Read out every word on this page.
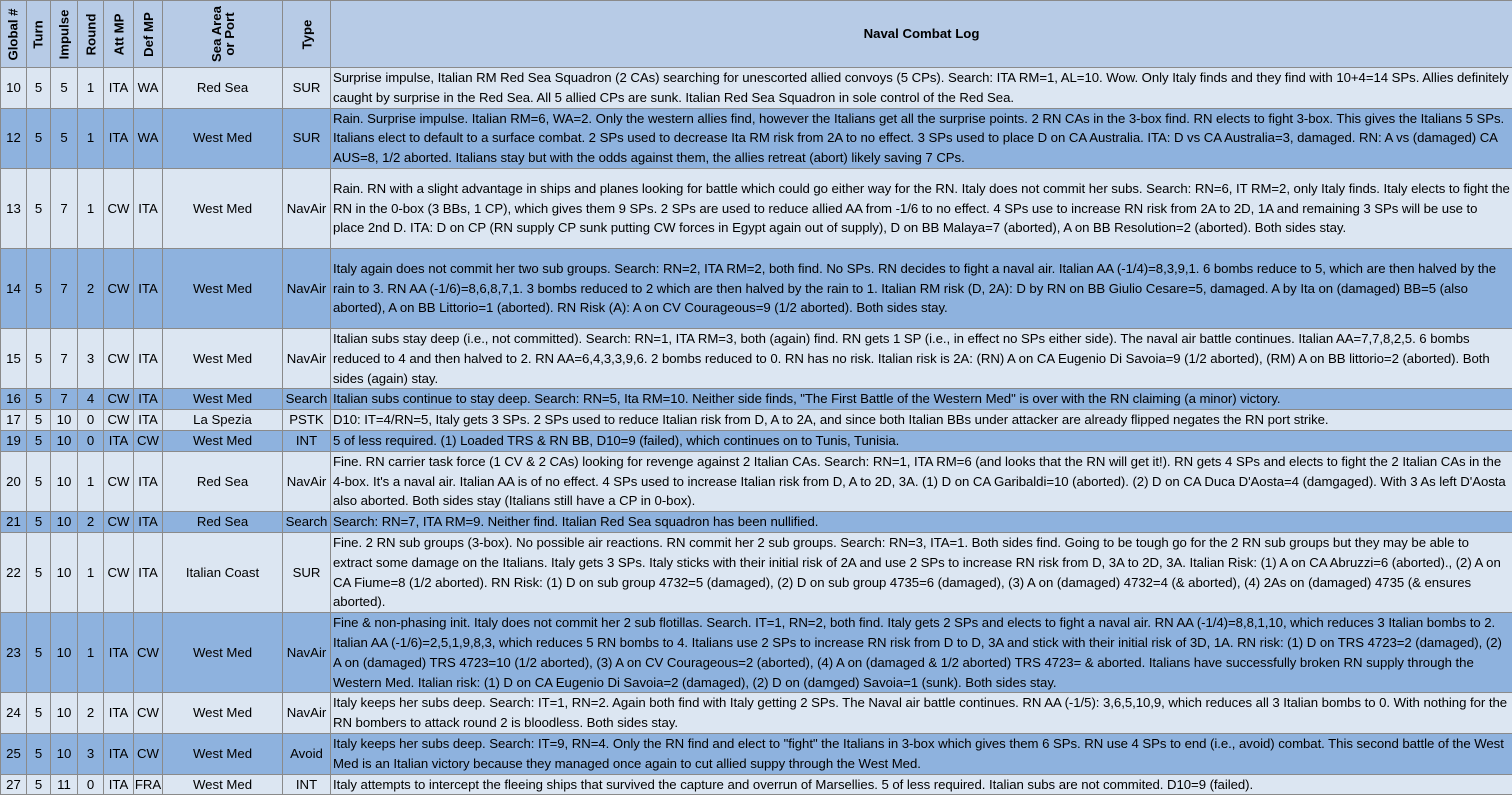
Global #	Turn	Impulse	Round	Att MP	Def MP	Sea Area
or Port	Type	Naval Combat Log
10	5	5	1	ITA	WA	Red Sea	SUR	Surprise impulse, Italian RM Red Sea Squadron (2 CAs) searching for unescorted allied convoys (5 CPs). Search: ITA RM=1, AL=10. Wow. Only Italy finds and they find with 10+4=14 SPs. Allies definitely caught by surprise in the Red Sea. All 5 allied CPs are sunk. Italian Red Sea Squadron in sole control of the Red Sea.
12	5	5	1	ITA	WA	West Med	SUR	Rain. Surprise impulse. Italian RM=6, WA=2. Only the western allies find, however the Italians get all the surprise points. 2 RN CAs in the 3-box find. RN elects to fight 3-box. This gives the Italians 5 SPs. Italians elect to default to a surface combat. 2 SPs used to decrease Ita RM risk from 2A to no effect. 3 SPs used to place D on CA Australia. ITA: D vs CA Australia=3, damaged. RN: A vs (damaged) CA AUS=8, 1/2 aborted. Italians stay but with the odds against them, the allies retreat (abort) likely saving 7 CPs.
13	5	7	1	CW	ITA	West Med	NavAir	Rain. RN with a slight advantage in ships and planes looking for battle which could go either way for the RN. Italy does not commit her subs. Search: RN=6, IT RM=2, only Italy finds. Italy elects to fight the RN in the 0-box (3 BBs, 1 CP), which gives them 9 SPs. 2 SPs are used to reduce allied AA from -1/6 to no effect. 4 SPs use to increase RN risk from 2A to 2D, 1A and remaining 3 SPs will be use to place 2nd D. ITA: D on CP (RN supply CP sunk putting CW forces in Egypt again out of supply), D on BB Malaya=7 (aborted), A on BB Resolution=2 (aborted). Both sides stay.
14	5	7	2	CW	ITA	West Med	NavAir	Italy again does not commit her two sub groups. Search: RN=2, ITA RM=2, both find. No SPs. RN decides to fight a naval air. Italian AA (-1/4)=8,3,9,1. 6 bombs reduce to 5, which are then halved by the rain to 3. RN AA (-1/6)=8,6,8,7,1. 3 bombs reduced to 2 which are then halved by the rain to 1. Italian RM risk (D, 2A): D by RN on BB Giulio Cesare=5, damaged. A by Ita on (damaged) BB=5 (also aborted), A on BB Littorio=1 (aborted). RN Risk (A): A on CV Courageous=9 (1/2 aborted). Both sides stay.
15	5	7	3	CW	ITA	West Med	NavAir	Italian subs stay deep (i.e., not committed). Search: RN=1, ITA RM=3, both (again) find. RN gets 1 SP (i.e., in effect no SPs either side). The naval air battle continues. Italian AA=7,7,8,2,5. 6 bombs reduced to 4 and then halved to 2. RN AA=6,4,3,3,9,6. 2 bombs reduced to 0. RN has no risk. Italian risk is 2A: (RN) A on CA Eugenio Di Savoia=9 (1/2 aborted), (RM) A on BB littorio=2 (aborted). Both sides (again) stay.
16	5	7	4	CW	ITA	West Med	Search	Italian subs continue to stay deep. Search: RN=5, Ita RM=10. Neither side finds, "The First Battle of the Western Med" is over with the RN claiming (a minor) victory.
17	5	10	0	CW	ITA	La Spezia	PSTK	D10: IT=4/RN=5, Italy gets 3 SPs. 2 SPs used to reduce Italian risk from D, A to 2A, and since both Italian BBs under attacker are already flipped negates the RN port strike.
19	5	10	0	ITA	CW	West Med	INT	5 of less required. (1) Loaded TRS & RN BB, D10=9 (failed), which continues on to Tunis, Tunisia.
20	5	10	1	CW	ITA	Red Sea	NavAir	Fine. RN carrier task force (1 CV & 2 CAs) looking for revenge against 2 Italian CAs. Search: RN=1, ITA RM=6 (and looks that the RN will get it!). RN gets 4 SPs and elects to fight the 2 Italian CAs in the 4-box. It's a naval air. Italian AA is of no effect. 4 SPs used to increase Italian risk from D, A to 2D, 3A. (1) D on CA Garibaldi=10 (aborted). (2) D on CA Duca D'Aosta=4 (damgaged). With 3 As left D'Aosta also aborted. Both sides stay (Italians still have a CP in 0-box).
21	5	10	2	CW	ITA	Red Sea	Search	Search: RN=7, ITA RM=9. Neither find. Italian Red Sea squadron has been nullified.
22	5	10	1	CW	ITA	Italian Coast	SUR	Fine. 2 RN sub groups (3-box). No possible air reactions. RN commit her 2 sub groups. Search: RN=3, ITA=1. Both sides find. Going to be tough go for the 2 RN sub groups but they may be able to extract some damage on the Italians. Italy gets 3 SPs. Italy sticks with their initial risk of 2A and use 2 SPs to increase RN risk from D, 3A to 2D, 3A. Italian Risk: (1) A on CA Abruzzi=6 (aborted)., (2) A on CA Fiume=8 (1/2 aborted). RN Risk: (1) D on sub group 4732=5 (damaged), (2) D on sub group 4735=6 (damaged), (3) A on (damaged) 4732=4 (& aborted), (4) 2As on (damaged) 4735 (& ensures aborted).
23	5	10	1	ITA	CW	West Med	NavAir	Fine & non-phasing init. Italy does not commit her 2 sub flotillas. Search. IT=1, RN=2, both find. Italy gets 2 SPs and elects to fight a naval air. RN AA (-1/4)=8,8,1,10, which reduces 3 Italian bombs to 2. Italian AA (-1/6)=2,5,1,9,8,3, which reduces 5 RN bombs to 4. Italians use 2 SPs to increase RN risk from D to D, 3A and stick with their initial risk of 3D, 1A. RN risk: (1) D on TRS 4723=2 (damaged), (2) A on (damaged) TRS 4723=10 (1/2 aborted), (3) A on CV Courageous=2 (aborted), (4) A on (damaged & 1/2 aborted) TRS 4723= & aborted. Italians have successfully broken RN supply through the Western Med. Italian risk: (1) D on CA Eugenio Di Savoia=2 (damaged), (2) D on (damged) Savoia=1 (sunk). Both sides stay.
24	5	10	2	ITA	CW	West Med	NavAir	Italy keeps her subs deep. Search: IT=1, RN=2. Again both find with Italy getting 2 SPs. The Naval air battle continues. RN AA (-1/5): 3,6,5,10,9, which reduces all 3 Italian bombs to 0. With nothing for the RN bombers to attack round 2 is bloodless. Both sides stay.
25	5	10	3	ITA	CW	West Med	Avoid	Italy keeps her subs deep. Search: IT=9, RN=4. Only the RN find and elect to "fight" the Italians in 3-box which gives them 6 SPs. RN use 4 SPs to end (i.e., avoid) combat. This second battle of the West Med is an Italian victory because they managed once again to cut allied suppy through the West Med.
27	5	11	0	ITA	FRA	West Med	INT	Italy attempts to intercept the fleeing ships that survived the capture and overrun of Marsellies. 5 of less required. Italian subs are not commited. D10=9 (failed).
